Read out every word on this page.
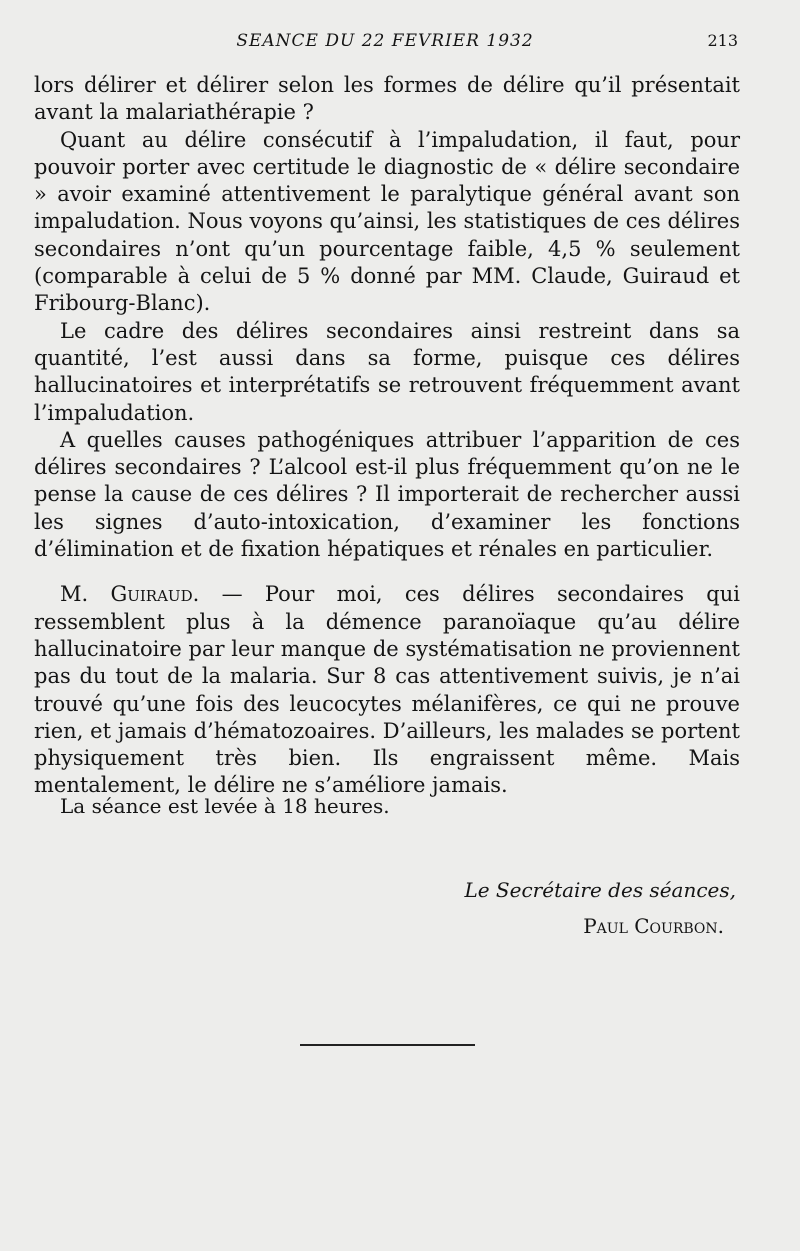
SEANCE DU 22 FEVRIER 1932	213

lors délirer et délirer selon les formes de délire qu’il présentait avant la malariathérapie ?

Quant au délire consécutif à l’impaludation, il faut, pour pouvoir porter avec certitude le diagnostic de « délire secondaire » avoir examiné attentivement le paralytique général avant son impaludation. Nous voyons qu’ainsi, les statistiques de ces délires secondaires n’ont qu’un pourcentage faible, 4,5 % seulement (comparable à celui de 5 % donné par MM. Claude, Guiraud et Fribourg-Blanc).

Le cadre des délires secondaires ainsi restreint dans sa quantité, l’est aussi dans sa forme, puisque ces délires hallucinatoires et interprétatifs se retrouvent fréquemment avant l’impaludation.

A quelles causes pathogéniques attribuer l’apparition de ces délires secondaires ? L’alcool est-il plus fréquemment qu’on ne le pense la cause de ces délires ? Il importerait de rechercher aussi les signes d’auto-intoxication, d’examiner les fonctions d’élimination et de fixation hépatiques et rénales en particulier.

M. Guiraud. — Pour moi, ces délires secondaires qui ressemblent plus à la démence paranoïaque qu’au délire hallucinatoire par leur manque de systématisation ne proviennent pas du tout de la malaria. Sur 8 cas attentivement suivis, je n’ai trouvé qu’une fois des leucocytes mélanifères, ce qui ne prouve rien, et jamais d’hématozoaires. D’ailleurs, les malades se portent physiquement très bien. Ils engraissent même. Mais mentalement, le délire ne s’améliore jamais.

La séance est levée à 18 heures.
Le Secrétaire des séances,
Paul Courbon.
